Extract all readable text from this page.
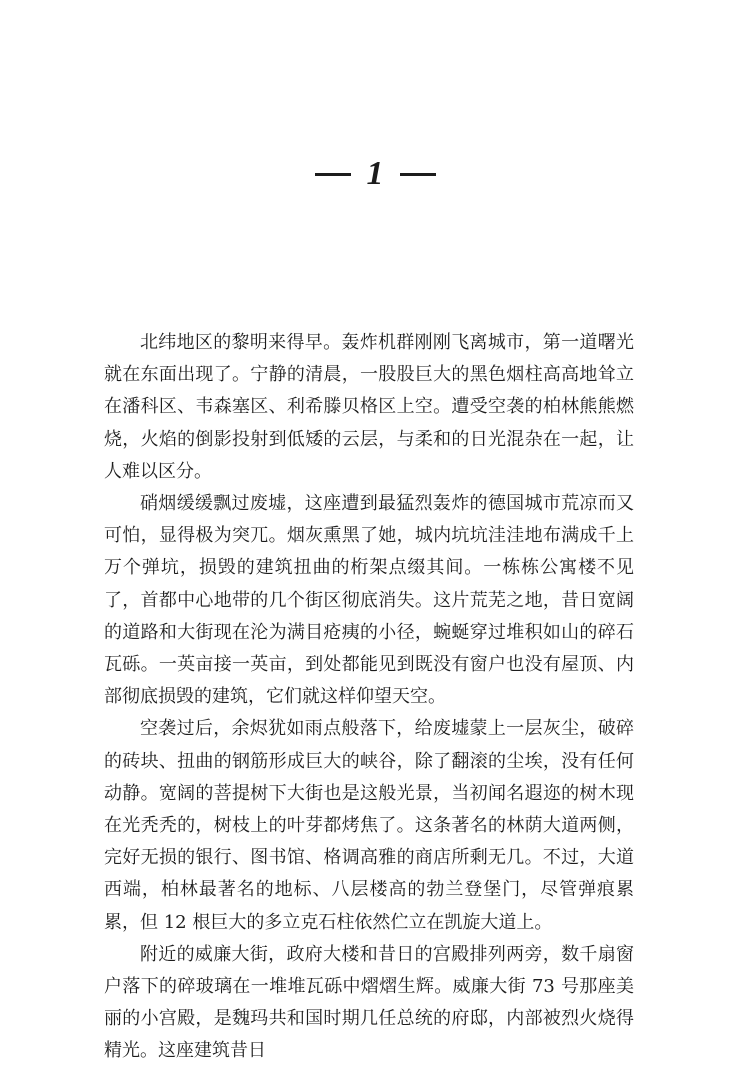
1

北纬地区的黎明来得早。轰炸机群刚刚飞离城市，第一道曙光就在东面出现了。宁静的清晨，一股股巨大的黑色烟柱高高地耸立在潘科区、韦森塞区、利希滕贝格区上空。遭受空袭的柏林熊熊燃烧，火焰的倒影投射到低矮的云层，与柔和的日光混杂在一起，让人难以区分。

硝烟缓缓飘过废墟，这座遭到最猛烈轰炸的德国城市荒凉而又可怕，显得极为突兀。烟灰熏黑了她，城内坑坑洼洼地布满成千上万个弹坑，损毁的建筑扭曲的桁架点缀其间。一栋栋公寓楼不见了，首都中心地带的几个街区彻底消失。这片荒芜之地，昔日宽阔的道路和大街现在沦为满目疮痍的小径，蜿蜒穿过堆积如山的碎石瓦砾。一英亩接一英亩，到处都能见到既没有窗户也没有屋顶、内部彻底损毁的建筑，它们就这样仰望天空。

空袭过后，余烬犹如雨点般落下，给废墟蒙上一层灰尘，破碎的砖块、扭曲的钢筋形成巨大的峡谷，除了翻滚的尘埃，没有任何动静。宽阔的菩提树下大街也是这般光景，当初闻名遐迩的树木现在光秃秃的，树枝上的叶芽都烤焦了。这条著名的林荫大道两侧，完好无损的银行、图书馆、格调高雅的商店所剩无几。不过，大道西端，柏林最著名的地标、八层楼高的勃兰登堡门，尽管弹痕累累，但 12 根巨大的多立克石柱依然伫立在凯旋大道上。

附近的威廉大街，政府大楼和昔日的宫殿排列两旁，数千扇窗户落下的碎玻璃在一堆堆瓦砾中熠熠生辉。威廉大街 73 号那座美丽的小宫殿，是魏玛共和国时期几任总统的府邸，内部被烈火烧得精光。这座建筑昔日
